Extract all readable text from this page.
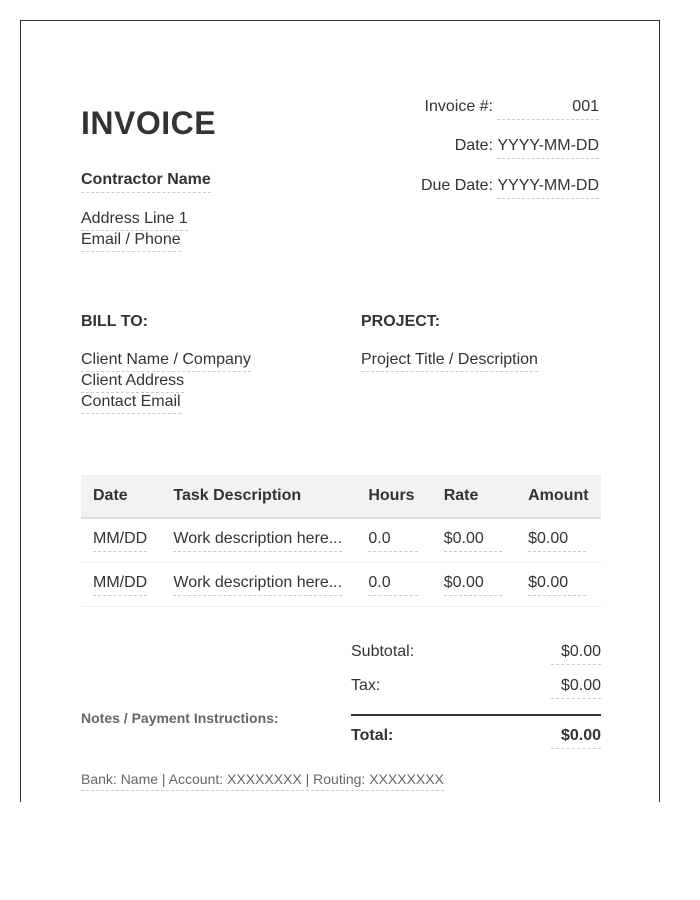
INVOICE
Contractor Name
Address Line 1
Email / Phone
Invoice #:	001
Date: YYYY-MM-DD
Due Date: YYYY-MM-DD
BILL TO:
Client Name / Company
Client Address
Contact Email
PROJECT:
Project Title / Description
Date	Task Description	Hours	Rate	Amount
MM/DD	Work description here...	0.0	$0.00	$0.00
MM/DD	Work description here...	0.0	$0.00	$0.00
Subtotal:	$0.00
Tax:	$0.00
Total:	$0.00
Notes / Payment Instructions:
Bank: Name | Account: XXXXXXXX | Routing: XXXXXXXX
